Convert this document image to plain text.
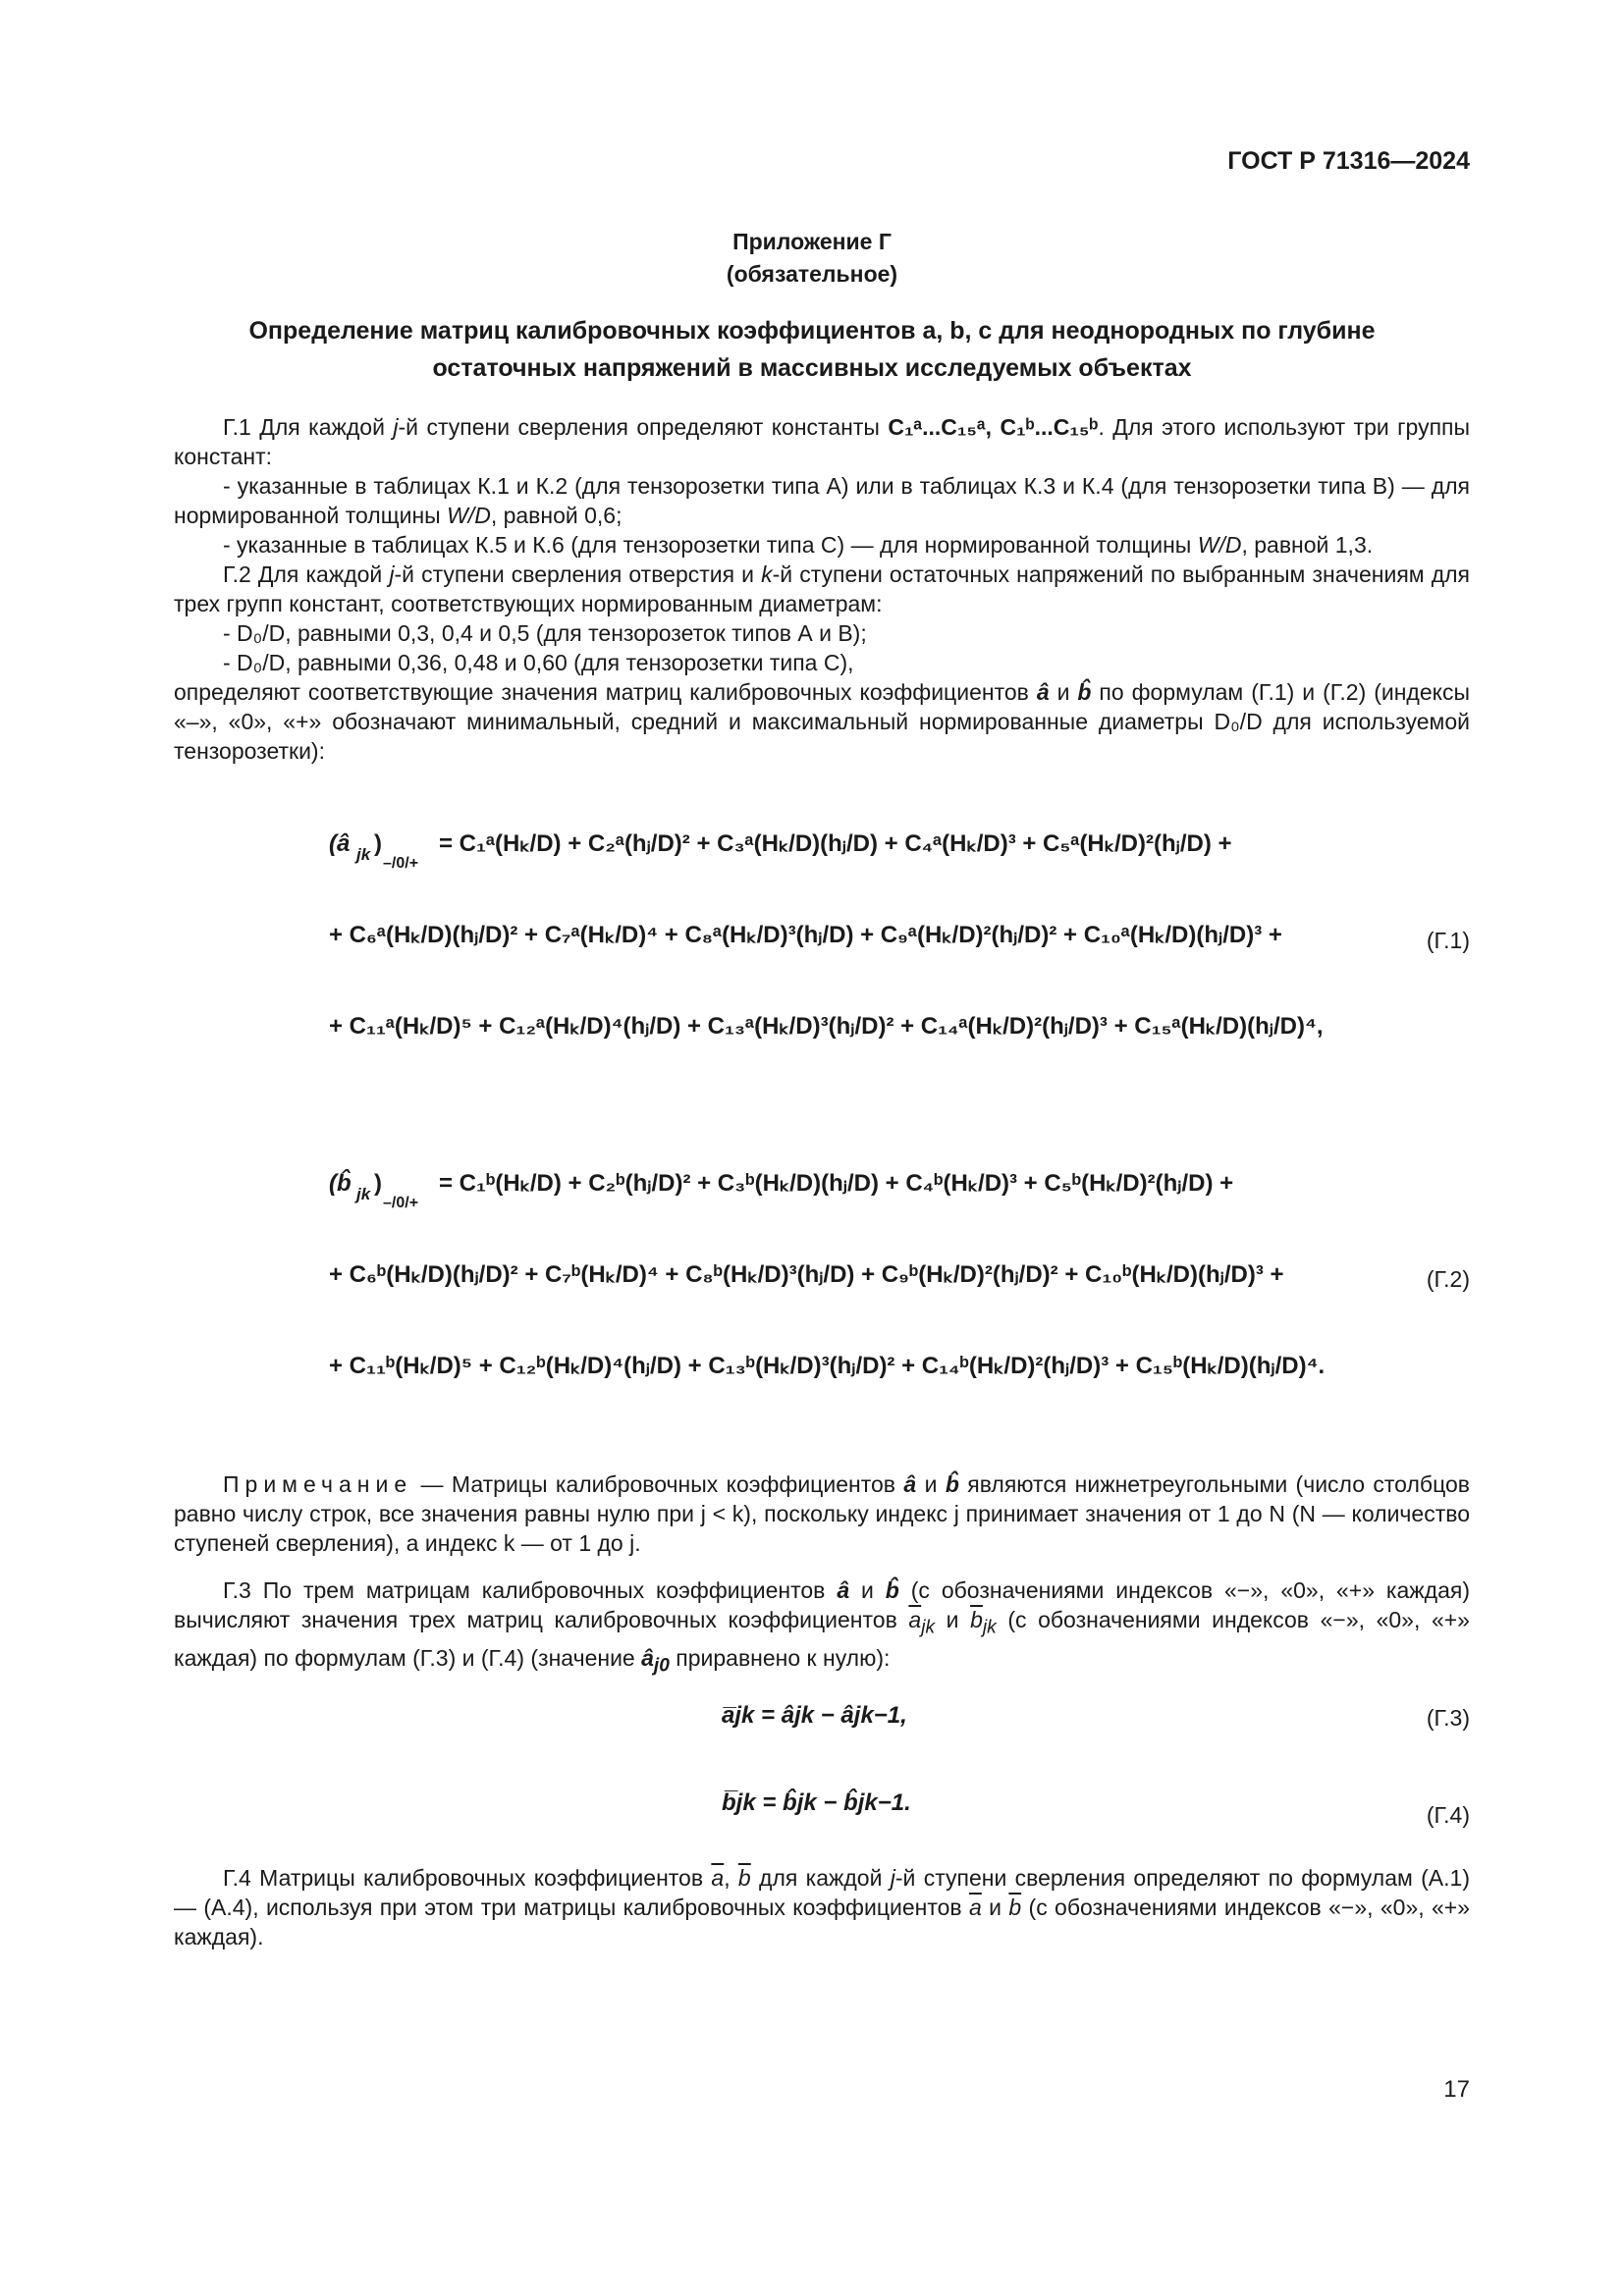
ГОСТ Р 71316—2024
Приложение Г
(обязательное)
Определение матриц калибровочных коэффициентов a, b, c для неоднородных по глубине
остаточных напряжений в массивных исследуемых объектах

Г.1 Для каждой j-й ступени сверления определяют константы C₁ᵃ...C₁₅ᵃ, C₁ᵇ...C₁₅ᵇ. Для этого используют три группы констант:

- указанные в таблицах К.1 и К.2 (для тензорозетки типа А) или в таблицах К.3 и К.4 (для тензорозетки типа В) — для нормированной толщины W/D, равной 0,6;

- указанные в таблицах К.5 и К.6 (для тензорозетки типа С) — для нормированной толщины W/D, равной 1,3.

Г.2 Для каждой j-й ступени сверления отверстия и k-й ступени остаточных напряжений по выбранным значениям для трех групп констант, соответствующих нормированным диаметрам:

- D₀/D, равными 0,3, 0,4 и 0,5 (для тензорозеток типов А и В);

- D₀/D, равными 0,36, 0,48 и 0,60 (для тензорозетки типа С),

определяют соответствующие значения матриц калибровочных коэффициентов â и b̂ по формулам (Г.1) и (Г.2) (индексы «–», «0», «+» обозначают минимальный, средний и максимальный нормированные диаметры D₀/D для используемой тензорозетки):

(â jk )
–/0/+
= C₁ᵃ(Hₖ/D) + C₂ᵃ(hⱼ/D)² + C₃ᵃ(Hₖ/D)(hⱼ/D) + C₄ᵃ(Hₖ/D)³ + C₅ᵃ(Hₖ/D)²(hⱼ/D) +
+ C₆ᵃ(Hₖ/D)(hⱼ/D)² + C₇ᵃ(Hₖ/D)⁴ + C₈ᵃ(Hₖ/D)³(hⱼ/D) + C₉ᵃ(Hₖ/D)²(hⱼ/D)² + C₁₀ᵃ(Hₖ/D)(hⱼ/D)³ +
+ C₁₁ᵃ(Hₖ/D)⁵ + C₁₂ᵃ(Hₖ/D)⁴(hⱼ/D) + C₁₃ᵃ(Hₖ/D)³(hⱼ/D)² + C₁₄ᵃ(Hₖ/D)²(hⱼ/D)³ + C₁₅ᵃ(Hₖ/D)(hⱼ/D)⁴,
(Г.1)
(b̂ jk )
–/0/+
= C₁ᵇ(Hₖ/D) + C₂ᵇ(hⱼ/D)² + C₃ᵇ(Hₖ/D)(hⱼ/D) + C₄ᵇ(Hₖ/D)³ + C₅ᵇ(Hₖ/D)²(hⱼ/D) +
+ C₆ᵇ(Hₖ/D)(hⱼ/D)² + C₇ᵇ(Hₖ/D)⁴ + C₈ᵇ(Hₖ/D)³(hⱼ/D) + C₉ᵇ(Hₖ/D)²(hⱼ/D)² + C₁₀ᵇ(Hₖ/D)(hⱼ/D)³ +
+ C₁₁ᵇ(Hₖ/D)⁵ + C₁₂ᵇ(Hₖ/D)⁴(hⱼ/D) + C₁₃ᵇ(Hₖ/D)³(hⱼ/D)² + C₁₄ᵇ(Hₖ/D)²(hⱼ/D)³ + C₁₅ᵇ(Hₖ/D)(hⱼ/D)⁴.
(Г.2)

Примечание — Матрицы калибровочных коэффициентов â и b̂ являются нижнетреугольными (число столбцов равно числу строк, все значения равны нулю при j < k), поскольку индекс j принимает значения от 1 до N (N — количество ступеней сверления), а индекс k — от 1 до j.

Г.3 По трем матрицам калибровочных коэффициентов â и b̂ (с обозначениями индексов «−», «0», «+» каждая) вычисляют значения трех матриц калибровочных коэффициентов $\overline{a}_{jk}$ и $\overline{b}_{jk}$ (с обозначениями индексов «−», «0», «+» каждая) по формулам (Г.3) и (Г.4) (значение $â_{j0}$ приравнено к нулю):

a̅jk = âjk − âjk−1,	(Г.3)
b̅jk = b̂jk − b̂jk−1.	(Г.4)

Г.4 Матрицы калибровочных коэффициентов $\overline{a}$, $\overline{b}$ для каждой j-й ступени сверления определяют по формулам (А.1) — (А.4), используя при этом три матрицы калибровочных коэффициентов $\overline{a}$ и $\overline{b}$ (с обозначениями индексов «−», «0», «+» каждая).

17
